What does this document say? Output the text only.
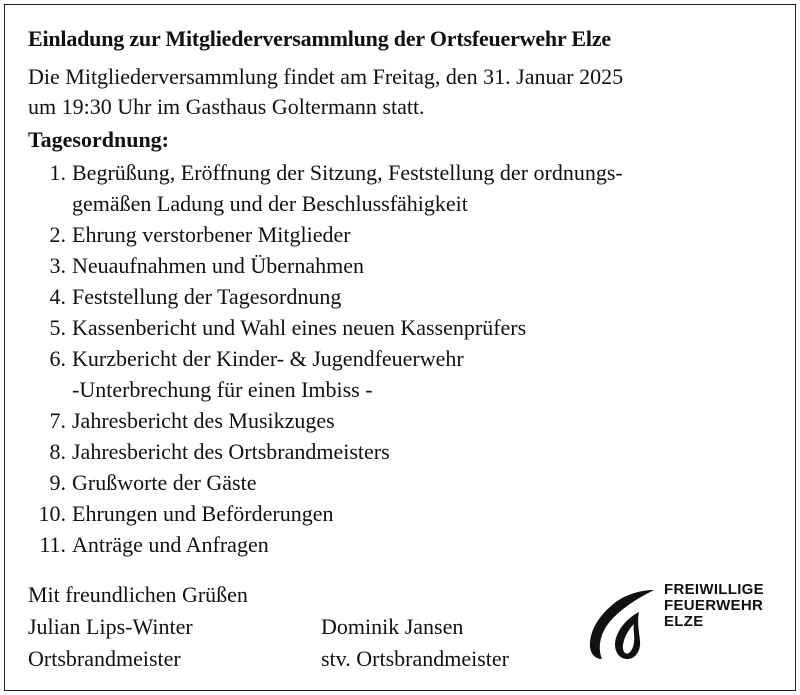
Einladung zur Mitgliederversammlung der Ortsfeuerwehr Elze
Die Mitgliederversammlung findet am Freitag, den 31. Januar 2025
um 19:30 Uhr im Gasthaus Goltermann statt.
Tagesordnung:
1. Begrüßung, Eröffnung der Sitzung, Feststellung der ordnungs-
gemäßen Ladung und der Beschlussfähigkeit
2. Ehrung verstorbener Mitglieder
3. Neuaufnahmen und Übernahmen
4. Feststellung der Tagesordnung
5. Kassenbericht und Wahl eines neuen Kassenprüfers
6. Kurzbericht der Kinder- & Jugendfeuerwehr
-Unterbrechung für einen Imbiss -
7. Jahresbericht des Musikzuges
8. Jahresbericht des Ortsbrandmeisters
9. Grußworte der Gäste
10. Ehrungen und Beförderungen
11. Anträge und Anfragen
Mit freundlichen Grüßen
Julian Lips-Winter
Ortsbrandmeister
Dominik Jansen
stv. Ortsbrandmeister
FREIWILLIGE
FEUERWEHR
ELZE
